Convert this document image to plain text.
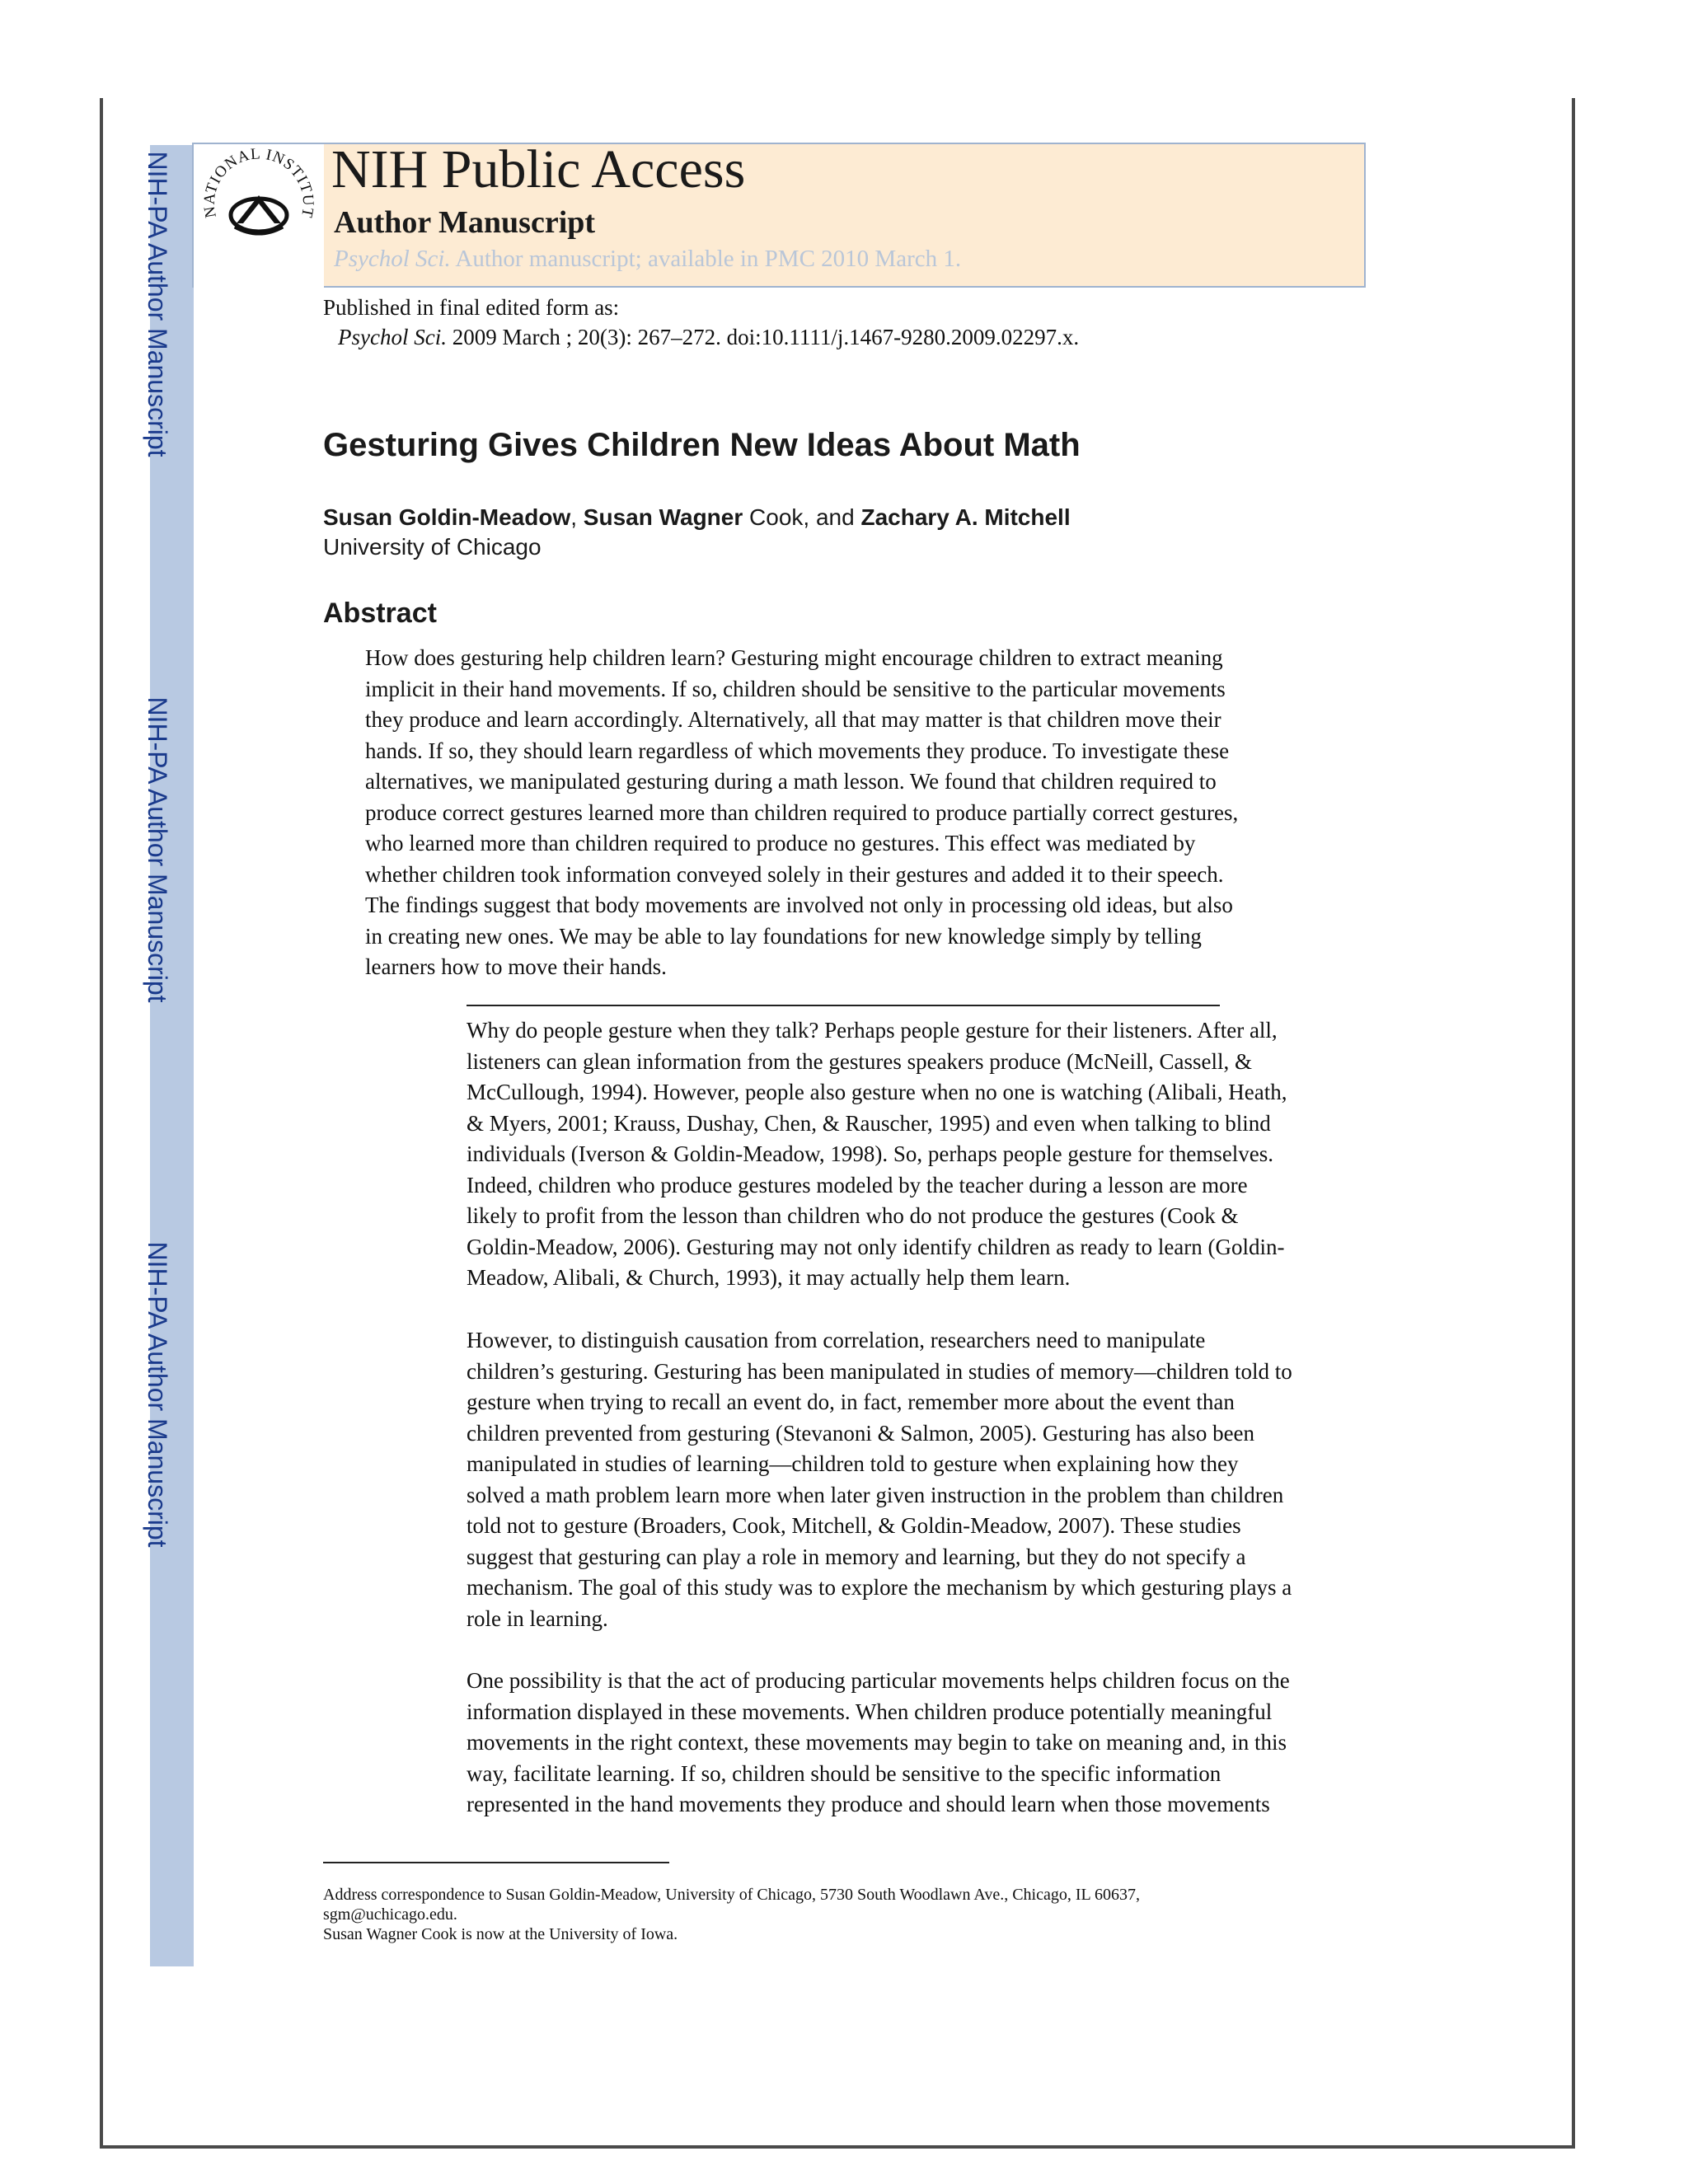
NIH-PA Author Manuscript
NIH-PA Author Manuscript
NIH-PA Author Manuscript
NATIONAL INSTITUT
NIH Public Access
Author Manuscript
Psychol Sci. Author manuscript; available in PMC 2010 March 1.
Published in final edited form as:
Psychol Sci. 2009 March ; 20(3): 267–272. doi:10.1111/j.1467-9280.2009.02297.x.
Gesturing Gives Children New Ideas About Math
Susan Goldin-Meadow, Susan Wagner Cook, and Zachary A. Mitchell
University of Chicago
Abstract
How does gesturing help children learn? Gesturing might encourage children to extract meaning
implicit in their hand movements. If so, children should be sensitive to the particular movements
they produce and learn accordingly. Alternatively, all that may matter is that children move their
hands. If so, they should learn regardless of which movements they produce. To investigate these
alternatives, we manipulated gesturing during a math lesson. We found that children required to
produce correct gestures learned more than children required to produce partially correct gestures,
who learned more than children required to produce no gestures. This effect was mediated by
whether children took information conveyed solely in their gestures and added it to their speech.
The findings suggest that body movements are involved not only in processing old ideas, but also
in creating new ones. We may be able to lay foundations for new knowledge simply by telling
learners how to move their hands.
Why do people gesture when they talk? Perhaps people gesture for their listeners. After all,
listeners can glean information from the gestures speakers produce (McNeill, Cassell, &
McCullough, 1994). However, people also gesture when no one is watching (Alibali, Heath,
& Myers, 2001; Krauss, Dushay, Chen, & Rauscher, 1995) and even when talking to blind
individuals (Iverson & Goldin-Meadow, 1998). So, perhaps people gesture for themselves.
Indeed, children who produce gestures modeled by the teacher during a lesson are more
likely to profit from the lesson than children who do not produce the gestures (Cook &
Goldin-Meadow, 2006). Gesturing may not only identify children as ready to learn (Goldin-
Meadow, Alibali, & Church, 1993), it may actually help them learn.
However, to distinguish causation from correlation, researchers need to manipulate
children’s gesturing. Gesturing has been manipulated in studies of memory—children told to
gesture when trying to recall an event do, in fact, remember more about the event than
children prevented from gesturing (Stevanoni & Salmon, 2005). Gesturing has also been
manipulated in studies of learning—children told to gesture when explaining how they
solved a math problem learn more when later given instruction in the problem than children
told not to gesture (Broaders, Cook, Mitchell, & Goldin-Meadow, 2007). These studies
suggest that gesturing can play a role in memory and learning, but they do not specify a
mechanism. The goal of this study was to explore the mechanism by which gesturing plays a
role in learning.
One possibility is that the act of producing particular movements helps children focus on the
information displayed in these movements. When children produce potentially meaningful
movements in the right context, these movements may begin to take on meaning and, in this
way, facilitate learning. If so, children should be sensitive to the specific information
represented in the hand movements they produce and should learn when those movements
Address correspondence to Susan Goldin-Meadow, University of Chicago, 5730 South Woodlawn Ave., Chicago, IL 60637,
sgm@uchicago.edu.
Susan Wagner Cook is now at the University of Iowa.
